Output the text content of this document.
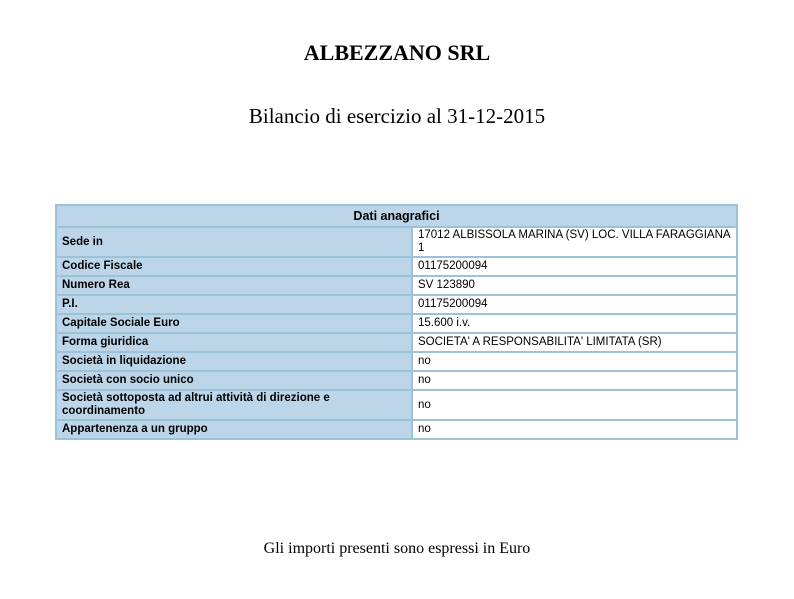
ALBEZZANO SRL
Bilancio di esercizio al 31-12-2015
Dati anagrafici	
Sede in	17012 ALBISSOLA MARINA (SV) LOC. VILLA FARAGGIANA 1
Codice Fiscale	01175200094
Numero Rea	SV 123890
P.I.	01175200094
Capitale Sociale Euro	15.600 i.v.
Forma giuridica	SOCIETA' A RESPONSABILITA' LIMITATA (SR)
Società in liquidazione	no
Società con socio unico	no
Società sottoposta ad altrui attività di direzione e coordinamento	no
Appartenenza a un gruppo	no
Gli importi presenti sono espressi in Euro
